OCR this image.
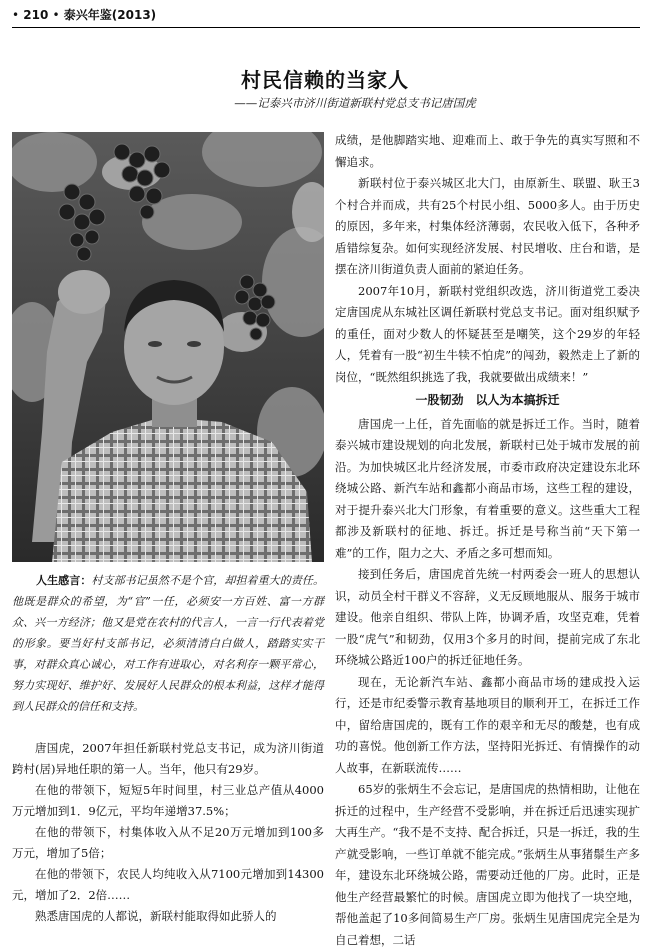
• 210 • 泰兴年鉴(2013)
村民信赖的当家人
——记泰兴市济川街道新联村党总支书记唐国虎
人生感言：村支部书记虽然不是个官，却担着重大的责任。他既是群众的希望，为“官”一任，必须安一方百姓、富一方群众、兴一方经济；他又是党在农村的代言人，一言一行代表着党的形象。要当好村支部书记，必须清清白白做人，踏踏实实干事，对群众真心诚心，对工作有进取心，对名利存一颗平常心，努力实现好、维护好、发展好人民群众的根本利益，这样才能得到人民群众的信任和支持。

唐国虎，2007年担任新联村党总支书记，成为济川街道跨村(居)异地任职的第一人。当年，他只有29岁。

在他的带领下，短短5年时间里，村三业总产值从4000万元增加到1．9亿元，平均年递增37.5%；

在他的带领下，村集体收入从不足20万元增加到100多万元，增加了5倍；

在他的带领下，农民人均纯收入从7100元增加到14300元，增加了2．2倍……

熟悉唐国虎的人都说，新联村能取得如此骄人的

成绩，是他脚踏实地、迎难而上、敢于争先的真实写照和不懈追求。

新联村位于泰兴城区北大门，由原新生、联盟、耿王3个村合并而成，共有25个村民小组、5000多人。由于历史的原因，多年来，村集体经济薄弱，农民收入低下，各种矛盾错综复杂。如何实现经济发展、村民增收、庄台和谐，是摆在济川街道负责人面前的紧迫任务。

2007年10月，新联村党组织改选，济川街道党工委决定唐国虎从东城社区调任新联村党总支书记。面对组织赋予的重任，面对少数人的怀疑甚至是嘲笑，这个29岁的年轻人，凭着有一股“初生牛犊不怕虎”的闯劲，毅然走上了新的岗位，“既然组织挑选了我，我就要做出成绩来！”

一股韧劲　以人为本搞拆迁

唐国虎一上任，首先面临的就是拆迁工作。当时，随着泰兴城市建设规划的向北发展，新联村已处于城市发展的前沿。为加快城区北片经济发展，市委市政府决定建设东北环绕城公路、新汽车站和鑫都小商品市场，这些工程的建设，对于提升泰兴北大门形象，有着重要的意义。这些重大工程都涉及新联村的征地、拆迁。拆迁是号称当前“天下第一难”的工作，阻力之大、矛盾之多可想而知。

接到任务后，唐国虎首先统一村两委会一班人的思想认识，动员全村干群义不容辞，义无反顾地服从、服务于城市建设。他亲自组织、带队上阵，协调矛盾，攻坚克难，凭着一股“虎气”和韧劲，仅用3个多月的时间，提前完成了东北环绕城公路近100户的拆迁征地任务。

现在，无论新汽车站、鑫都小商品市场的建成投入运行，还是市纪委警示教育基地项目的顺利开工，在拆迁工作中，留给唐国虎的，既有工作的艰辛和无尽的酸楚，也有成功的喜悦。他创新工作方法，坚持阳光拆迁、有情操作的动人故事，在新联流传……

65岁的张炳生不会忘记，是唐国虎的热情相助，让他在拆迁的过程中，生产经营不受影响，并在拆迁后迅速实现扩大再生产。“我不是不支持、配合拆迁，只是一拆迁，我的生产就受影响，一些订单就不能完成。”张炳生从事猪鬃生产多年，建设东北环绕城公路，需要动迁他的厂房。此时，正是他生产经营最繁忙的时候。唐国虎立即为他找了一块空地，帮他盖起了10多间简易生产厂房。张炳生见唐国虎完全是为自己着想，二话
